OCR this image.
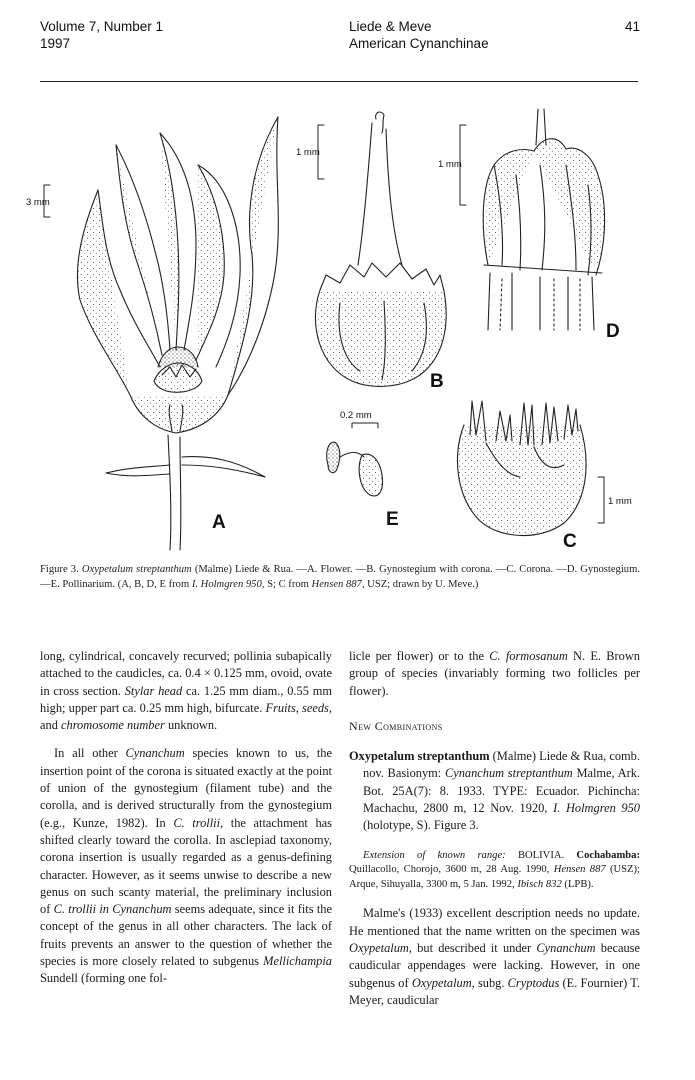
Volume 7, Number 1
1997
Liede & Meve
American Cynanchinae
41
A
B
C
D
E
3 mm
1 mm
1 mm
0.2 mm
1 mm
Figure 3. Oxypetalum streptanthum (Malme) Liede & Rua. —A. Flower. —B. Gynostegium with corona. —C. Corona. —D. Gynostegium. —E. Pollinarium. (A, B, D, E from I. Holmgren 950, S; C from Hensen 887, USZ; drawn by U. Meve.)

long, cylindrical, concavely recurved; pollinia subapically attached to the caudicles, ca. 0.4 × 0.125 mm, ovoid, ovate in cross section. Stylar head ca. 1.25 mm diam., 0.55 mm high; upper part ca. 0.25 mm high, bifurcate. Fruits, seeds, and chromosome number unknown.

In all other Cynanchum species known to us, the insertion point of the corona is situated exactly at the point of union of the gynostegium (filament tube) and the corolla, and is derived structurally from the gynostegium (e.g., Kunze, 1982). In C. trollii, the attachment has shifted clearly toward the corolla. In asclepiad taxonomy, corona insertion is usually regarded as a genus-defining character. However, as it seems unwise to describe a new genus on such scanty material, the preliminary inclusion of C. trollii in Cynanchum seems adequate, since it fits the concept of the genus in all other characters. The lack of fruits prevents an answer to the question of whether the species is more closely related to subgenus Mellichampia Sundell (forming one fol-

licle per flower) or to the C. formosanum N. E. Brown group of species (invariably forming two follicles per flower).

New Combinations

Oxypetalum streptanthum (Malme) Liede & Rua, comb. nov. Basionym: Cynanchum streptanthum Malme, Ark. Bot. 25A(7): 8. 1933. TYPE: Ecuador. Pichincha: Machachu, 2800 m, 12 Nov. 1920, I. Holmgren 950 (holotype, S). Figure 3.

Extension of known range: BOLIVIA. Cochabamba: Quillacollo, Chorojo, 3600 m, 28 Aug. 1990, Hensen 887 (USZ); Arque, Sihuyalla, 3300 m, 5 Jan. 1992, Ibisch 832 (LPB).

Malme's (1933) excellent description needs no update. He mentioned that the name written on the specimen was Oxypetalum, but described it under Cynanchum because caudicular appendages were lacking. However, in one subgenus of Oxypetalum, subg. Cryptodus (E. Fournier) T. Meyer, caudicular
